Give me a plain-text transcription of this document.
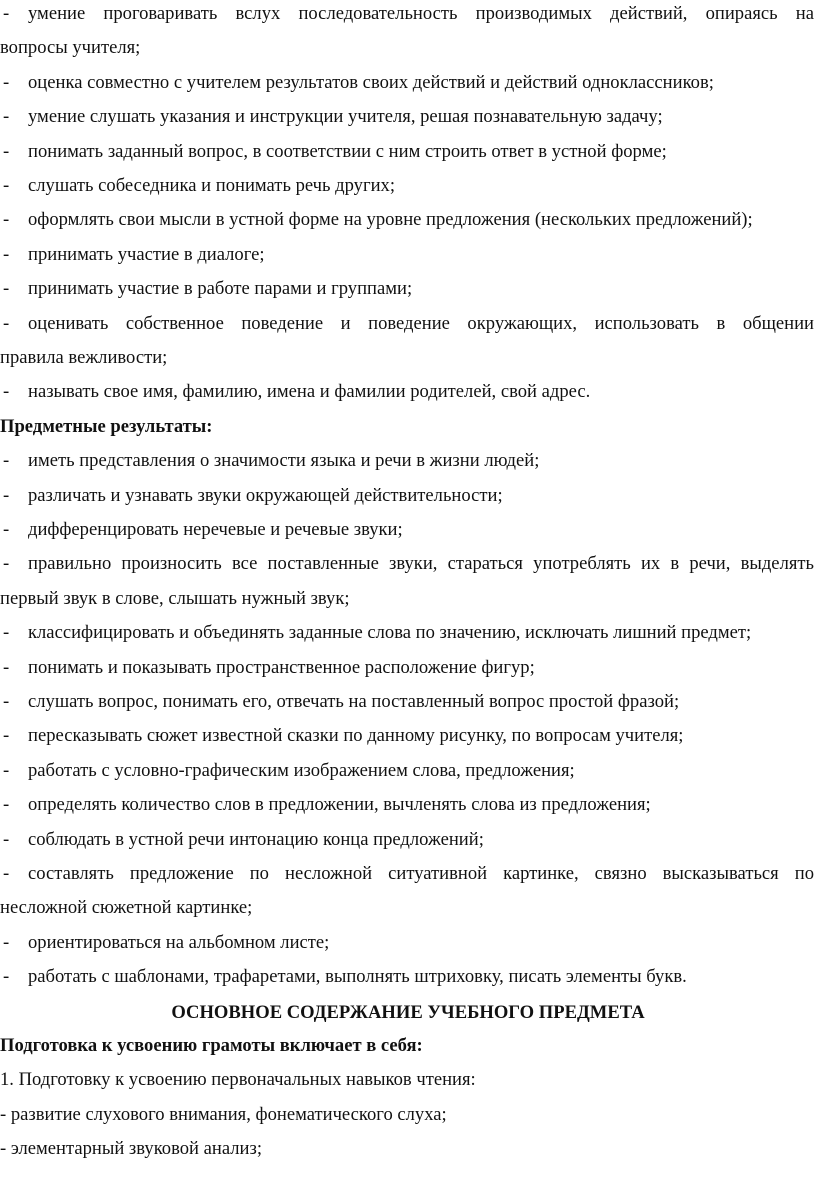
- умение проговаривать вслух последовательность производимых действий, опираясь на
вопросы учителя;
- оценка совместно с учителем результатов своих действий и действий одноклассников;
- умение слушать указания и инструкции учителя, решая познавательную задачу;
- понимать заданный вопрос, в соответствии с ним строить ответ в устной форме;
- слушать собеседника и понимать речь других;
- оформлять свои мысли в устной форме на уровне предложения (нескольких предложений);
- принимать участие в диалоге;
- принимать участие в работе парами и группами;
- оценивать собственное поведение и поведение окружающих, использовать в общении
правила вежливости;
- называть свое имя, фамилию, имена и фамилии родителей, свой адрес.
Предметные результаты:
- иметь представления о значимости языка и речи в жизни людей;
- различать и узнавать звуки окружающей действительности;
- дифференцировать неречевые и речевые звуки;
- правильно произносить все поставленные звуки, стараться употреблять их в речи, выделять
первый звук в слове, слышать нужный звук;
- классифицировать и объединять заданные слова по значению, исключать лишний предмет;
- понимать и показывать пространственное расположение фигур;
- слушать вопрос, понимать его, отвечать на поставленный вопрос простой фразой;
- пересказывать сюжет известной сказки по данному рисунку, по вопросам учителя;
- работать с условно-графическим изображением слова, предложения;
- определять количество слов в предложении, вычленять слова из предложения;
- соблюдать в устной речи интонацию конца предложений;
- составлять предложение по несложной ситуативной картинке, связно высказываться по
несложной сюжетной картинке;
- ориентироваться на альбомном листе;
- работать с шаблонами, трафаретами, выполнять штриховку, писать элементы букв.
ОСНОВНОЕ СОДЕРЖАНИЕ УЧЕБНОГО ПРЕДМЕТА
Подготовка к усвоению грамоты включает в себя:
1. Подготовку к усвоению первоначальных навыков чтения:
- развитие слухового внимания, фонематического слуха;
- элементарный звуковой анализ;
